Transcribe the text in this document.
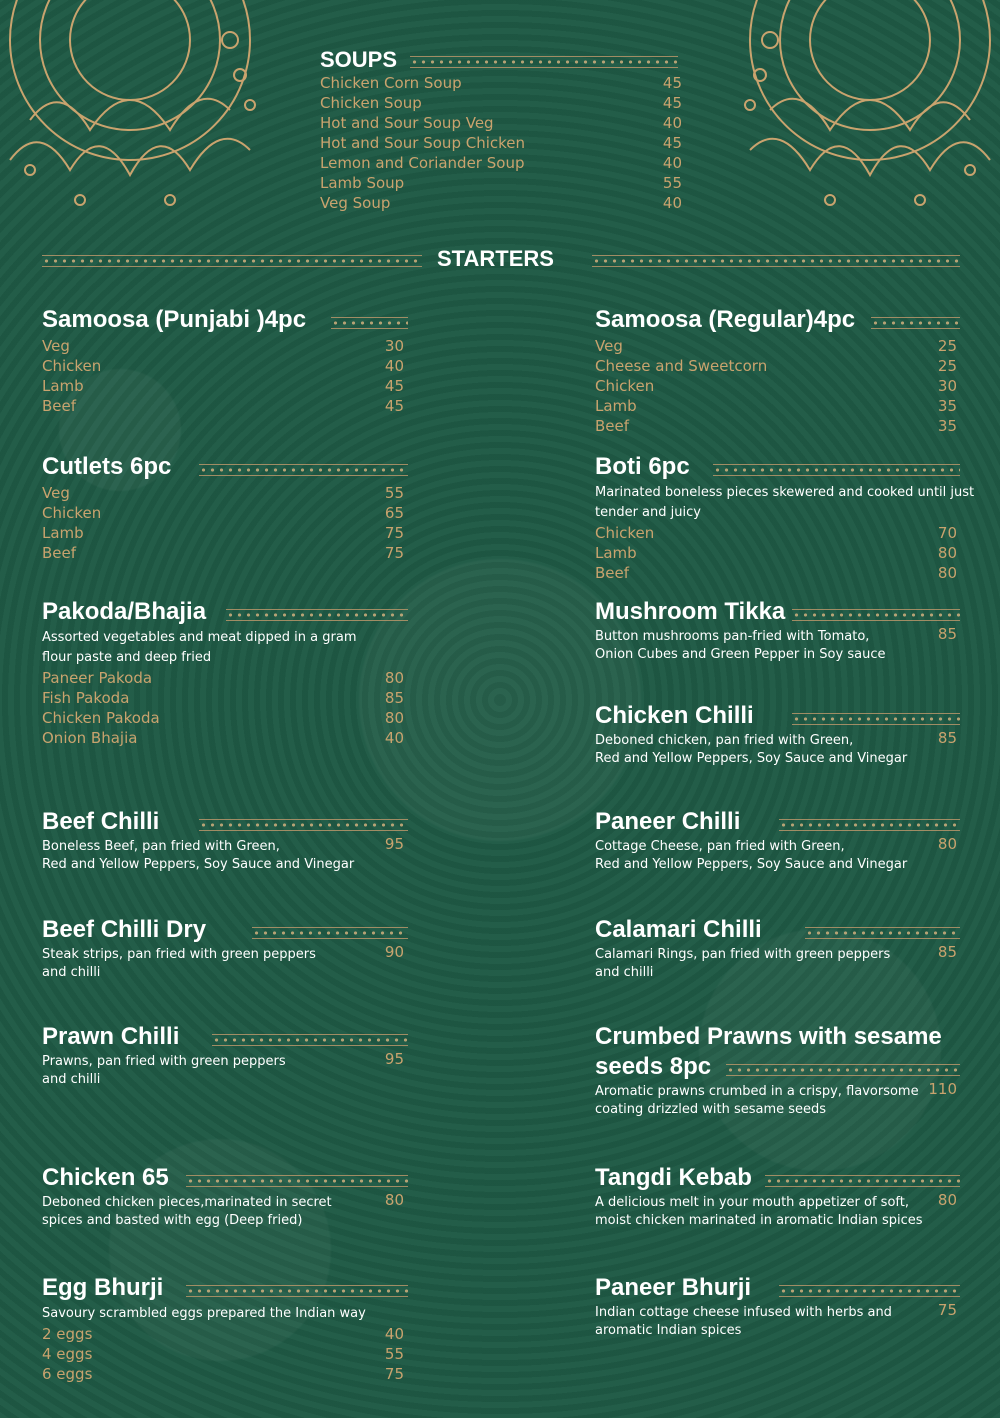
SOUPS
Chicken Corn Soup	45
Chicken Soup	45
Hot and Sour Soup Veg	40
Hot and Sour Soup Chicken	45
Lemon and Coriander Soup	40
Lamb Soup	55
Veg Soup	40
STARTERS
Samoosa (Punjabi )4pc
Veg	30
Chicken	40
Lamb	45
Beef	45
Cutlets 6pc
Veg	55
Chicken	65
Lamb	75
Beef	75
Pakoda/Bhajia
Assorted vegetables and meat dipped in a gram
flour paste and deep fried
Paneer Pakoda	80
Fish Pakoda	85
Chicken Pakoda	80
Onion Bhajia	40
Beef Chilli
95
Boneless Beef, pan fried with Green,
Red and Yellow Peppers, Soy Sauce and Vinegar
Beef Chilli Dry
90
Steak strips, pan fried with green peppers
and chilli
Prawn Chilli
95
Prawns, pan fried with green peppers
and chilli
Chicken 65
80
Deboned chicken pieces,marinated in secret
spices and basted with egg (Deep fried)
Egg Bhurji
Savoury scrambled eggs prepared the Indian way
2 eggs	40
4 eggs	55
6 eggs	75
Samoosa (Regular)4pc
Veg	25
Cheese and Sweetcorn	25
Chicken	30
Lamb	35
Beef	35
Boti 6pc
Marinated boneless pieces skewered and cooked until just
tender and juicy
Chicken	70
Lamb	80
Beef	80
Mushroom Tikka
85
Button mushrooms pan-fried with Tomato,
Onion Cubes and Green Pepper in Soy sauce
Chicken Chilli
85
Deboned chicken, pan fried with Green,
Red and Yellow Peppers, Soy Sauce and Vinegar
Paneer Chilli
80
Cottage Cheese, pan fried with Green,
Red and Yellow Peppers, Soy Sauce and Vinegar
Calamari Chilli
85
Calamari Rings, pan fried with green peppers
and chilli
Crumbed Prawns with sesame
seeds 8pc
110
Aromatic prawns crumbed in a crispy, flavorsome
coating drizzled with sesame seeds
Tangdi Kebab
80
A delicious melt in your mouth appetizer of soft,
moist chicken marinated in aromatic Indian spices
Paneer Bhurji
75
Indian cottage cheese infused with herbs and
aromatic Indian spices
